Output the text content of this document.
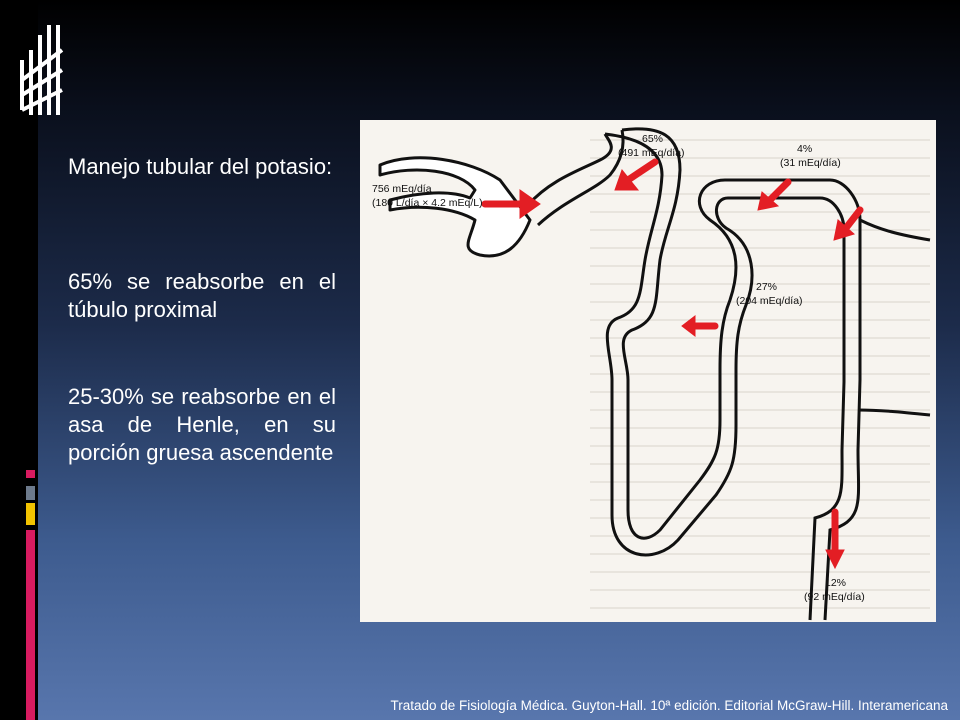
Manejo tubular del potasio:
65% se reabsorbe en el túbulo proximal
25-30% se reabsorbe en el asa de Henle, en su porción gruesa ascendente
756 mEq/día
(180 L/día × 4.2 mEq/L)
65%
(491 mEq/día)	4%
(31 mEq/día)
27%
(204 mEq/día)
12%
(92 mEq/día)
Tratado de Fisiología Médica. Guyton-Hall. 10ª edición. Editorial McGraw-Hill. Interamericana
